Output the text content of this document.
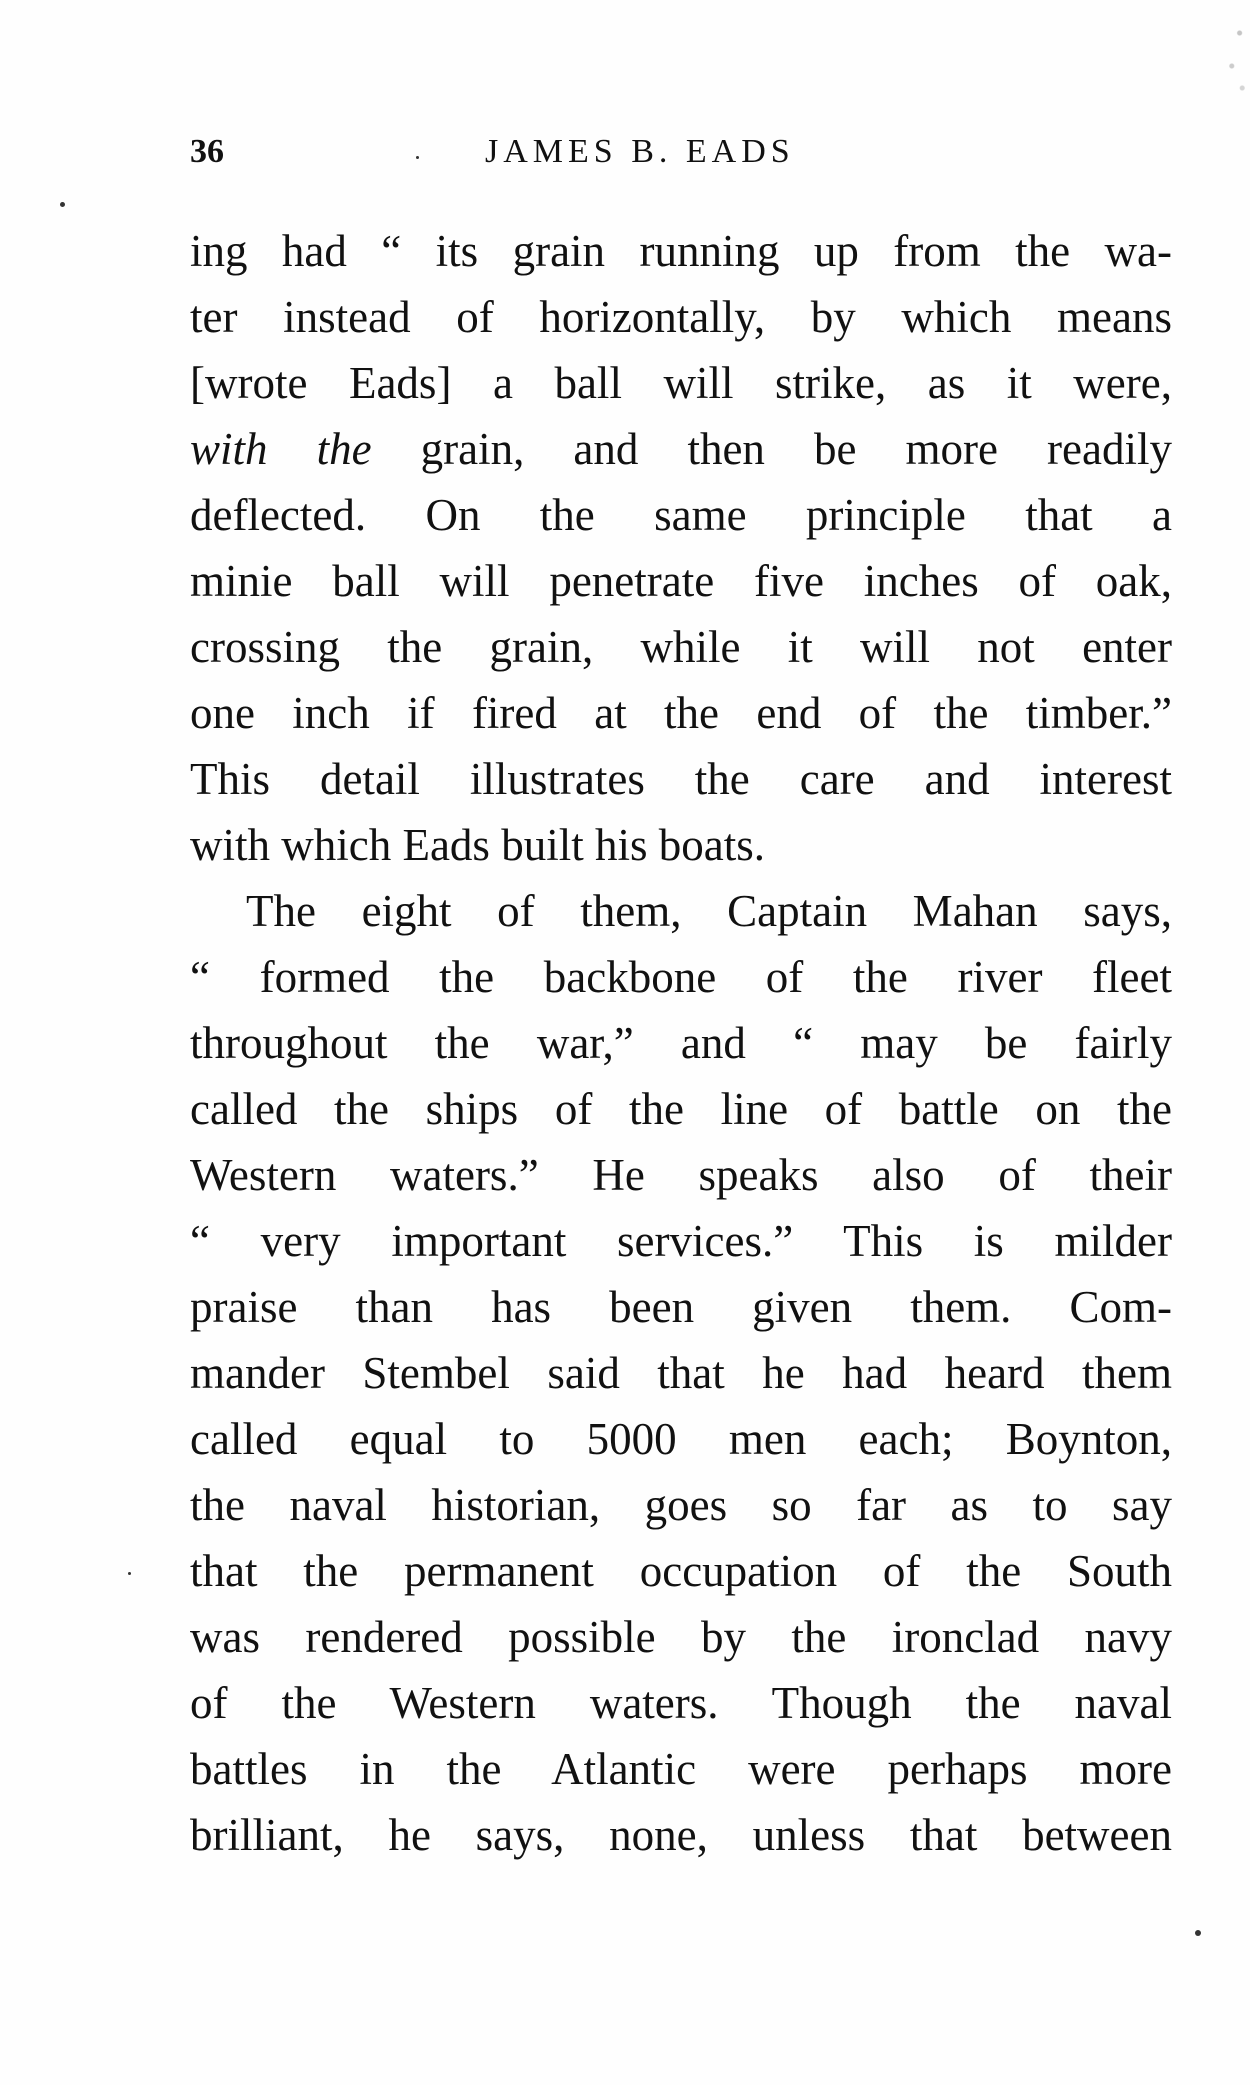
36	JAMES B. EADS
ing had “ its grain running up from the wa-
ter instead of horizontally, by which means
[wrote Eads] a ball will strike, as it were,
with the grain, and then be more readily
deflected. On the same principle that a
minie ball will penetrate five inches of oak,
crossing the grain, while it will not enter
one inch if fired at the end of the timber.”
This detail illustrates the care and interest
with which Eads built his boats.
The eight of them, Captain Mahan says,
“ formed the backbone of the river fleet
throughout the war,” and “ may be fairly
called the ships of the line of battle on the
Western waters.” He speaks also of their
“ very important services.” This is milder
praise than has been given them. Com-
mander Stembel said that he had heard them
called equal to 5000 men each; Boynton,
the naval historian, goes so far as to say
that the permanent occupation of the South
was rendered possible by the ironclad navy
of the Western waters. Though the naval
battles in the Atlantic were perhaps more
brilliant, he says, none, unless that between
